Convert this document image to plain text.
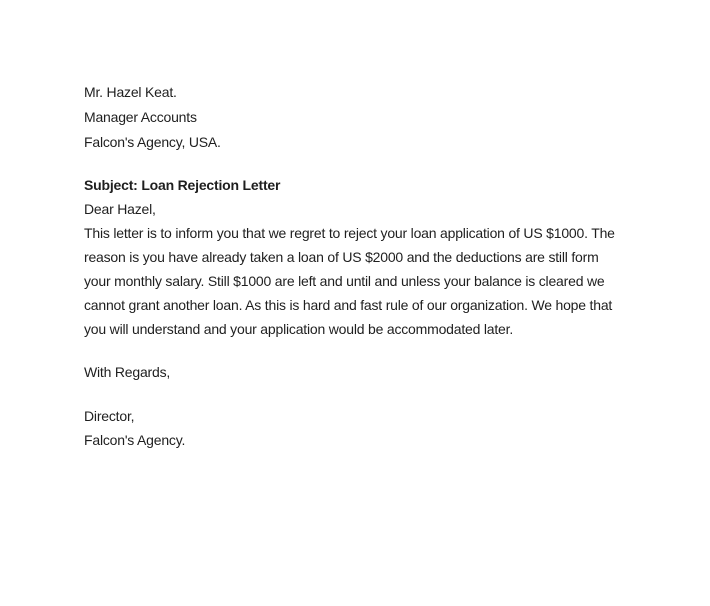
Mr. Hazel Keat.
Manager Accounts
Falcon's Agency, USA.
Subject: Loan Rejection Letter
Dear Hazel,
This letter is to inform you that we regret to reject your loan application of US $1000. The
reason is you have already taken a loan of US $2000 and the deductions are still form
your monthly salary. Still $1000 are left and until and unless your balance is cleared we
cannot grant another loan. As this is hard and fast rule of our organization. We hope that
you will understand and your application would be accommodated later.
With Regards,
Director,
Falcon's Agency.
